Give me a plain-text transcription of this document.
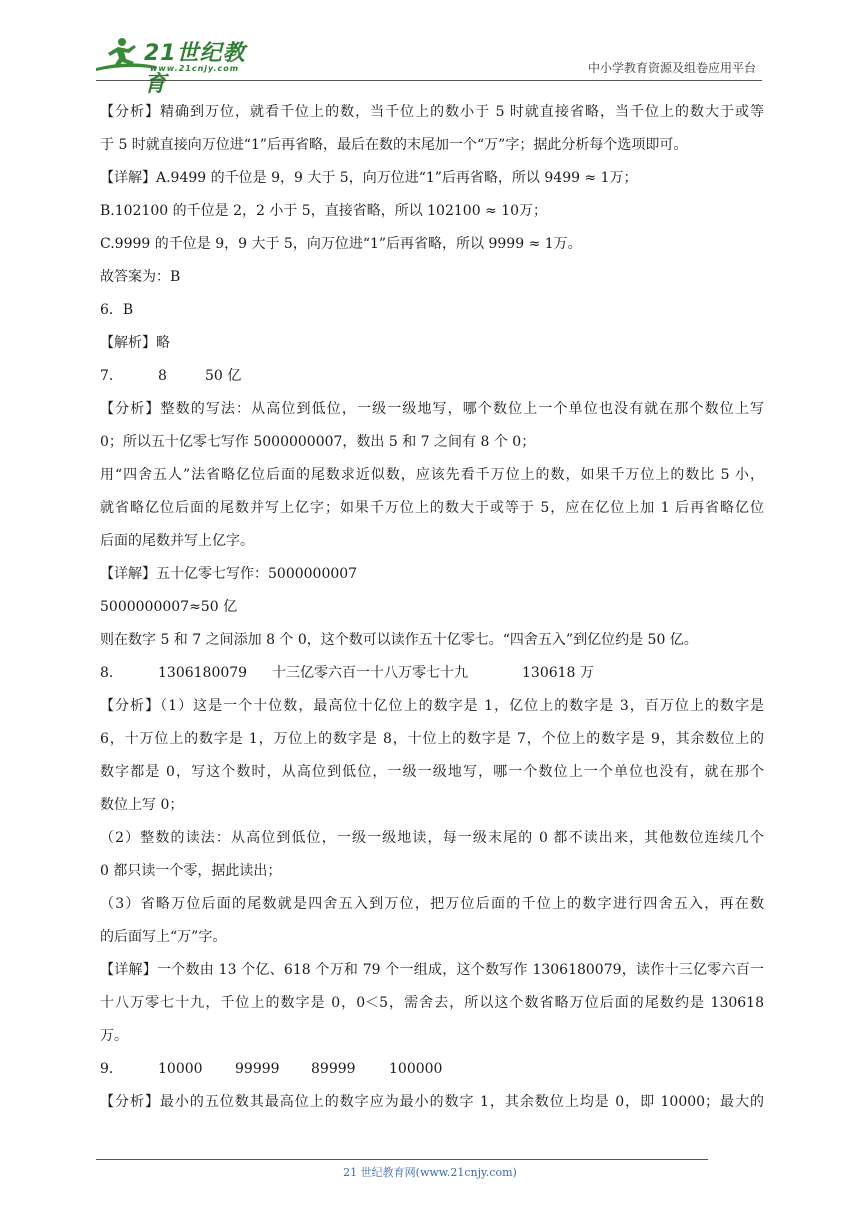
21世纪教育
www.21cnjy.com	中小学教育资源及组卷应用平台
【分析】精确到万位，就看千位上的数，当千位上的数小于 5 时就直接省略，当千位上的数大于或等
于 5 时就直接向万位进“1”后再省略，最后在数的末尾加一个“万”字；据此分析每个选项即可。
【详解】A.9499 的千位是 9，9 大于 5，向万位进“1”后再省略，所以 9499 ≈ 1万；
B.102100 的千位是 2，2 小于 5，直接省略，所以 102100 ≈ 10万；
C.9999 的千位是 9，9 大于 5，向万位进“1”后再省略，所以 9999 ≈ 1万。
故答案为：B
6．B
【解析】略
7．	8	50 亿
【分析】整数的写法：从高位到低位，一级一级地写，哪个数位上一个单位也没有就在那个数位上写
0；所以五十亿零七写作 5000000007，数出 5 和 7 之间有 8 个 0；
用“四舍五人”法省略亿位后面的尾数求近似数，应该先看千万位上的数，如果千万位上的数比 5 小，
就省略亿位后面的尾数并写上亿字；如果千万位上的数大于或等于 5，应在亿位上加 1 后再省略亿位
后面的尾数并写上亿字。
【详解】五十亿零七写作：5000000007
5000000007≈50 亿
则在数字 5 和 7 之间添加 8 个 0，这个数可以读作五十亿零七。“四舍五入”到亿位约是 50 亿。
8．	1306180079	十三亿零六百一十八万零七十九	130618 万
【分析】（1）这是一个十位数，最高位十亿位上的数字是 1，亿位上的数字是 3，百万位上的数字是
6，十万位上的数字是 1，万位上的数字是 8，十位上的数字是 7，个位上的数字是 9，其余数位上的
数字都是 0，写这个数时，从高位到低位，一级一级地写，哪一个数位上一个单位也没有，就在那个
数位上写 0；
（2）整数的读法：从高位到低位，一级一级地读，每一级末尾的 0 都不读出来，其他数位连续几个
0 都只读一个零，据此读出；
（3）省略万位后面的尾数就是四舍五入到万位，把万位后面的千位上的数字进行四舍五入，再在数
的后面写上“万”字。
【详解】一个数由 13 个亿、618 个万和 79 个一组成，这个数写作 1306180079，读作十三亿零六百一
十八万零七十九，千位上的数字是 0，0＜5，需舍去，所以这个数省略万位后面的尾数约是 130618
万。
9．	10000	99999	89999	100000
【分析】最小的五位数其最高位上的数字应为最小的数字 1，其余数位上均是 0，即 10000；最大的
21 世纪教育网(www.21cnjy.com)
